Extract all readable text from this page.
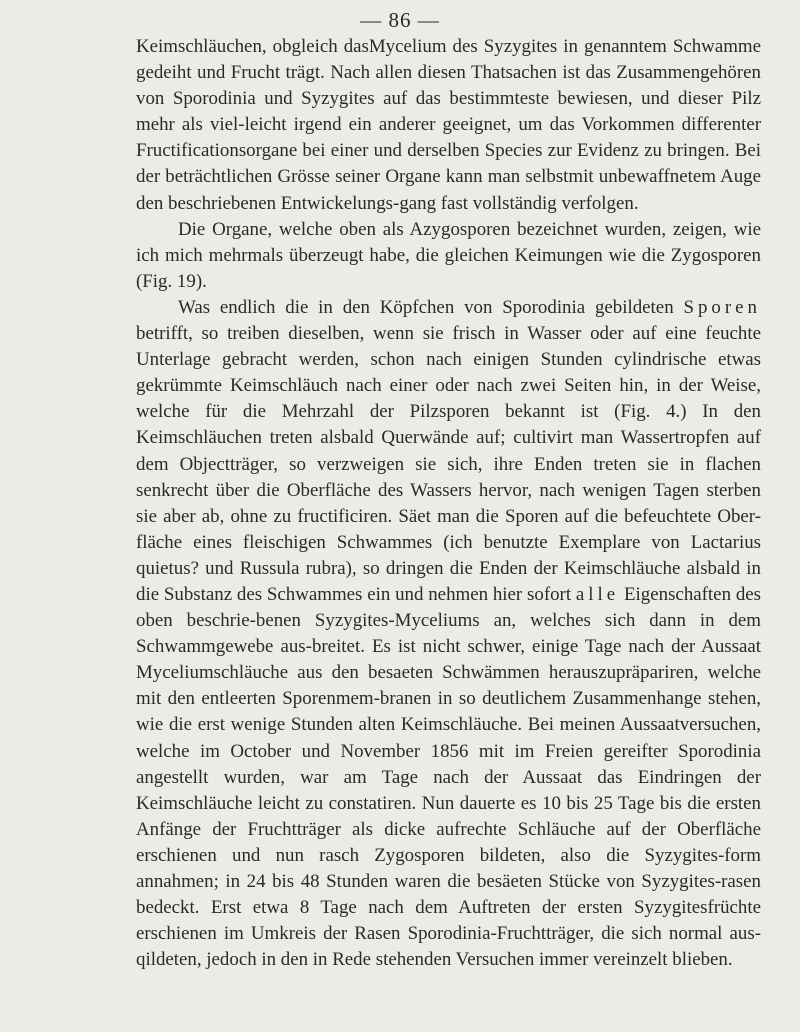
— 86 —

Keimschläuchen, obgleich dasMycelium des Syzygites in genanntem Schwamme gedeiht und Frucht trägt. Nach allen diesen Thatsachen ist das Zusammengehören von Sporodinia und Syzygites auf das bestimmteste bewiesen, und dieser Pilz mehr als viel-leicht irgend ein anderer geeignet, um das Vorkommen differenter Fructificationsorgane bei einer und derselben Species zur Evidenz zu bringen. Bei der beträchtlichen Grösse seiner Organe kann man selbstmit unbewaffnetem Auge den beschriebenen Entwickelungs-gang fast vollständig verfolgen.

Die Organe, welche oben als Azygosporen bezeichnet wurden, zeigen, wie ich mich mehrmals überzeugt habe, die gleichen Keimungen wie die Zygosporen (Fig. 19).

Was endlich die in den Köpfchen von Sporodinia gebildeten Sporen betrifft, so treiben dieselben, wenn sie frisch in Wasser oder auf eine feuchte Unterlage gebracht werden, schon nach einigen Stunden cylindrische etwas gekrümmte Keimschläuch nach einer oder nach zwei Seiten hin, in der Weise, welche für die Mehrzahl der Pilzsporen bekannt ist (Fig. 4.) In den Keimschläuchen treten alsbald Querwände auf; cultivirt man Wassertropfen auf dem Objectträger, so verzweigen sie sich, ihre Enden treten sie in flachen senkrecht über die Oberfläche des Wassers hervor, nach wenigen Tagen sterben sie aber ab, ohne zu fructificiren. Säet man die Sporen auf die befeuchtete Ober-fläche eines fleischigen Schwammes (ich benutzte Exemplare von Lactarius quietus? und Russula rubra), so dringen die Enden der Keimschläuche alsbald in die Substanz des Schwammes ein und nehmen hier sofort alle Eigenschaften des oben beschrie-benen Syzygites-Myceliums an, welches sich dann in dem Schwammgewebe aus-breitet. Es ist nicht schwer, einige Tage nach der Aussaat Myceliumschläuche aus den besaeten Schwämmen herauszupräpariren, welche mit den entleerten Sporenmem-branen in so deutlichem Zusammenhange stehen, wie die erst wenige Stunden alten Keimschläuche. Bei meinen Aussaatversuchen, welche im October und November 1856 mit im Freien gereifter Sporodinia angestellt wurden, war am Tage nach der Aussaat das Eindringen der Keimschläuche leicht zu constatiren. Nun dauerte es 10 bis 25 Tage bis die ersten Anfänge der Fruchtträger als dicke aufrechte Schläuche auf der Oberfläche erschienen und nun rasch Zygosporen bildeten, also die Syzygites-form annahmen; in 24 bis 48 Stunden waren die besäeten Stücke von Syzygites-rasen bedeckt. Erst etwa 8 Tage nach dem Auftreten der ersten Syzygitesfrüchte erschienen im Umkreis der Rasen Sporodinia-Fruchtträger, die sich normal aus-qildeten, jedoch in den in Rede stehenden Versuchen immer vereinzelt blieben.
